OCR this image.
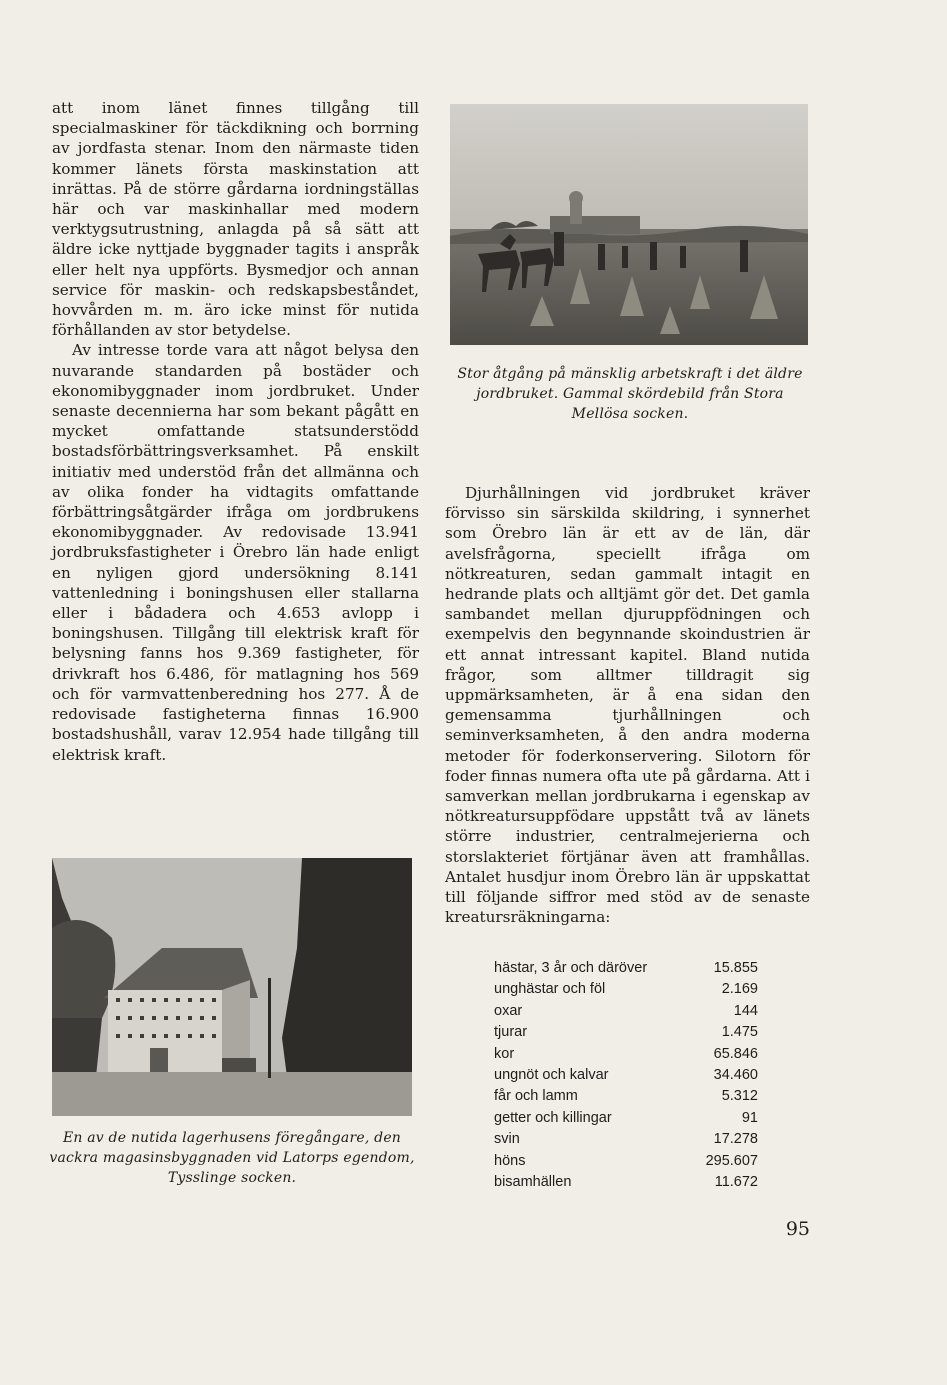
att inom länet finnes tillgång till specialmaskiner för täckdikning och borrning av jordfasta stenar. Inom den närmaste tiden kommer länets första maskinstation att inrättas. På de större gårdarna iordningställas här och var maskinhallar med modern verktygsutrustning, anlagda på så sätt att äldre icke nyttjade byggnader tagits i anspråk eller helt nya uppförts. Bysmedjor och annan service för maskin- och redskapsbeståndet, hovvården m. m. äro icke minst för nutida förhållanden av stor betydelse.

Av intresse torde vara att något belysa den nuvarande standarden på bostäder och ekonomibyggnader inom jordbruket. Under senaste decennierna har som bekant pågått en mycket omfattande statsunderstödd bostadsförbättringsverksamhet. På enskilt initiativ med understöd från det allmänna och av olika fonder ha vidtagits omfattande förbättringsåtgärder ifråga om jordbrukens ekonomibyggnader. Av redovisade 13.941 jordbruksfastigheter i Örebro län hade enligt en nyligen gjord undersökning 8.141 vattenledning i boningshusen eller stallarna eller i bådadera och 4.653 avlopp i boningshusen. Tillgång till elektrisk kraft för belysning fanns hos 9.369 fastigheter, för drivkraft hos 6.486, för matlagning hos 569 och för varmvattenberedning hos 277. Å de redovisade fastigheterna finnas 16.900 bostadshushåll, varav 12.954 hade tillgång till elektrisk kraft.

Stor åtgång på mänsklig arbetskraft i det äldre jordbruket. Gammal skördebild från Stora Mellösa socken.

Djurhållningen vid jordbruket kräver förvisso sin särskilda skildring, i synnerhet som Örebro län är ett av de län, där avelsfrågorna, speciellt ifråga om nötkreaturen, sedan gammalt intagit en hedrande plats och alltjämt gör det. Det gamla sambandet mellan djuruppfödningen och exempelvis den begynnande skoindustrien är ett annat intressant kapitel. Bland nutida frågor, som alltmer tilldragit sig uppmärksamheten, är å ena sidan den gemensamma tjurhållningen och seminverksamheten, å den andra moderna metoder för foderkonservering. Silotorn för foder finnas numera ofta ute på gårdarna. Att i samverkan mellan jordbrukarna i egenskap av nötkreatursuppfödare uppstått två av länets större industrier, centralmejerierna och storslakteriet förtjänar även att framhållas. Antalet husdjur inom Örebro län är uppskattat till följande siffror med stöd av de senaste kreatursräkningarna:

En av de nutida lagerhusens föregångare, den vackra magasinsbyggnaden vid Latorps egendom, Tysslinge socken.
hästar, 3 år och däröver	15.855
unghästar och föl	2.169
oxar	144
tjurar	1.475
kor	65.846
ungnöt och kalvar	34.460
får och lamm	5.312
getter och killingar	91
svin	17.278
höns	295.607
bisamhällen	11.672
95
